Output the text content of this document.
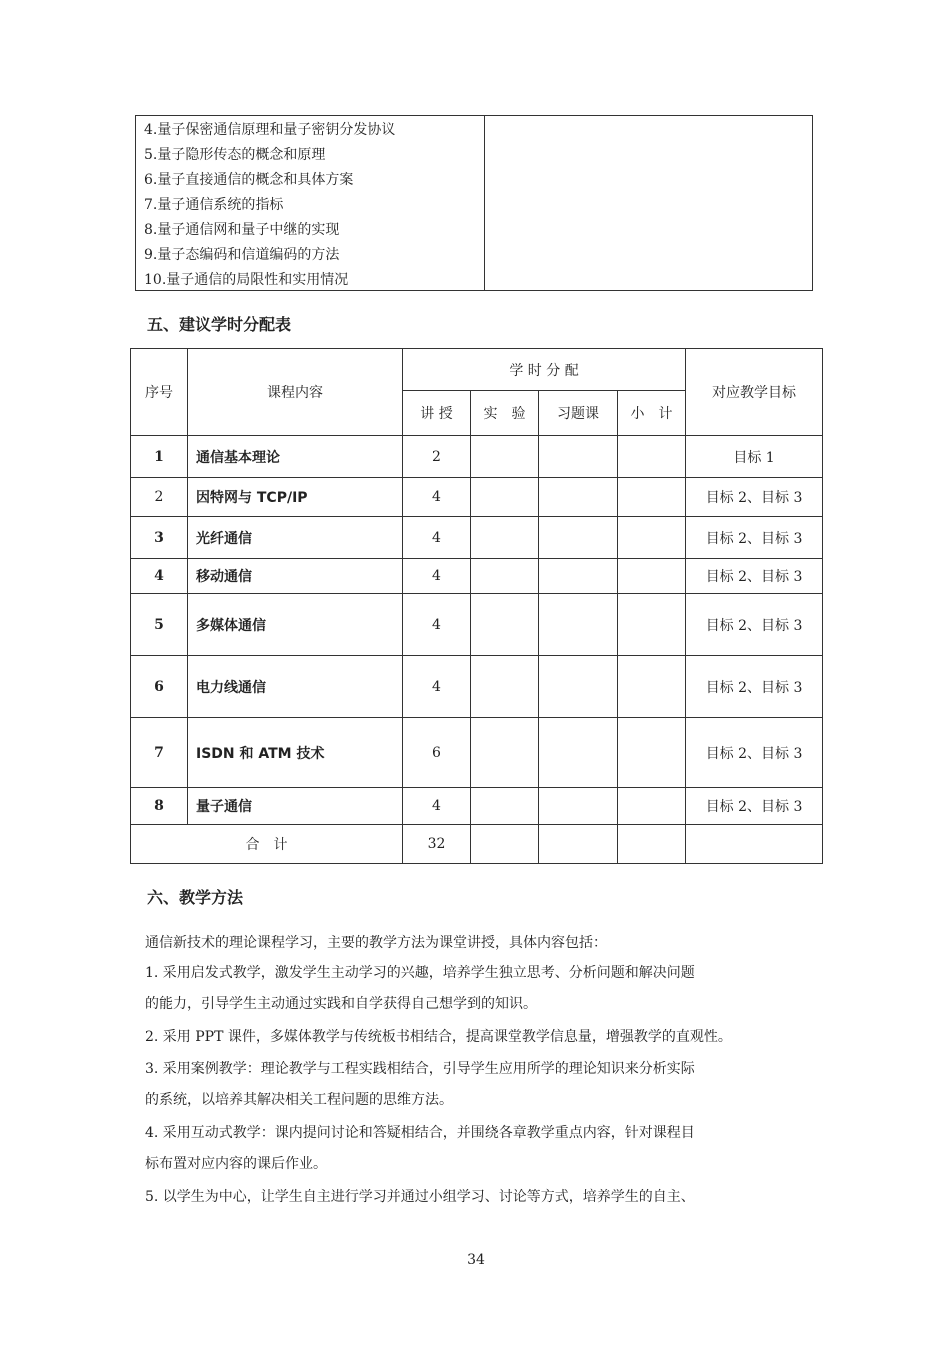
4.量子保密通信原理和量子密钥分发协议
5.量子隐形传态的概念和原理
6.量子直接通信的概念和具体方案
7.量子通信系统的指标
8.量子通信网和量子中继的实现
9.量子态编码和信道编码的方法
10.量子通信的局限性和实用情况
五、建议学时分配表
序号	课程内容	学 时 分 配				对应教学目标
		讲 授	实　验	习题课	小　计	
1	通信基本理论	2				目标 1
2	因特网与 TCP/IP	4				目标 2、目标 3
3	光纤通信	4				目标 2、目标 3
4	移动通信	4				目标 2、目标 3
5	多媒体通信	4				目标 2、目标 3
6	电力线通信	4				目标 2、目标 3
7	ISDN 和 ATM 技术	6				目标 2、目标 3
8	量子通信	4				目标 2、目标 3
合　计		32				
六、教学方法
通信新技术的理论课程学习，主要的教学方法为课堂讲授，具体内容包括：
1. 采用启发式教学，激发学生主动学习的兴趣，培养学生独立思考、分析问题和解决问题
的能力，引导学生主动通过实践和自学获得自己想学到的知识。
2. 采用 PPT 课件，多媒体教学与传统板书相结合，提高课堂教学信息量，增强教学的直观性。
3. 采用案例教学：理论教学与工程实践相结合，引导学生应用所学的理论知识来分析实际
的系统，以培养其解决相关工程问题的思维方法。
4. 采用互动式教学：课内提问讨论和答疑相结合，并围绕各章教学重点内容，针对课程目
标布置对应内容的课后作业。
5. 以学生为中心，让学生自主进行学习并通过小组学习、讨论等方式，培养学生的自主、
34
